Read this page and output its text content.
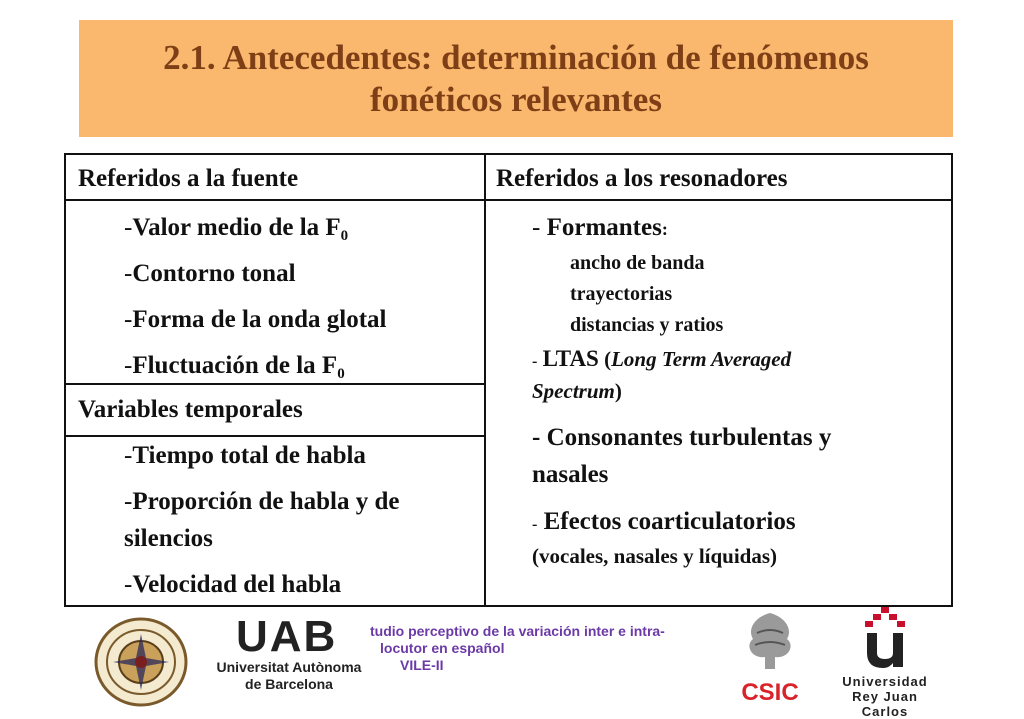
2.1. Antecedentes: determinación de fenómenos
fonéticos relevantes
Referidos a la fuente	Referidos a los resonadores
-Valor medio de la $F_0$
-Contorno tonal
-Forma de la onda glotal
-Fluctuación de la $F_0$
Variables temporales
-Tiempo total de habla
-Proporción de habla y de
silencios
-Velocidad del habla
- Formantes:
ancho de banda
trayectorias
distancias y ratios
- LTAS (Long Term Averaged
Spectrum)
- Consonantes turbulentas y
nasales
- Efectos coarticulatorios
(vocales, nasales y líquidas)
UAB
Universitat Autònoma
de Barcelona
tudio perceptivo de la variación inter e intra-
locutor en español
VILE-II
CSIC	Universidad
Rey Juan Carlos
